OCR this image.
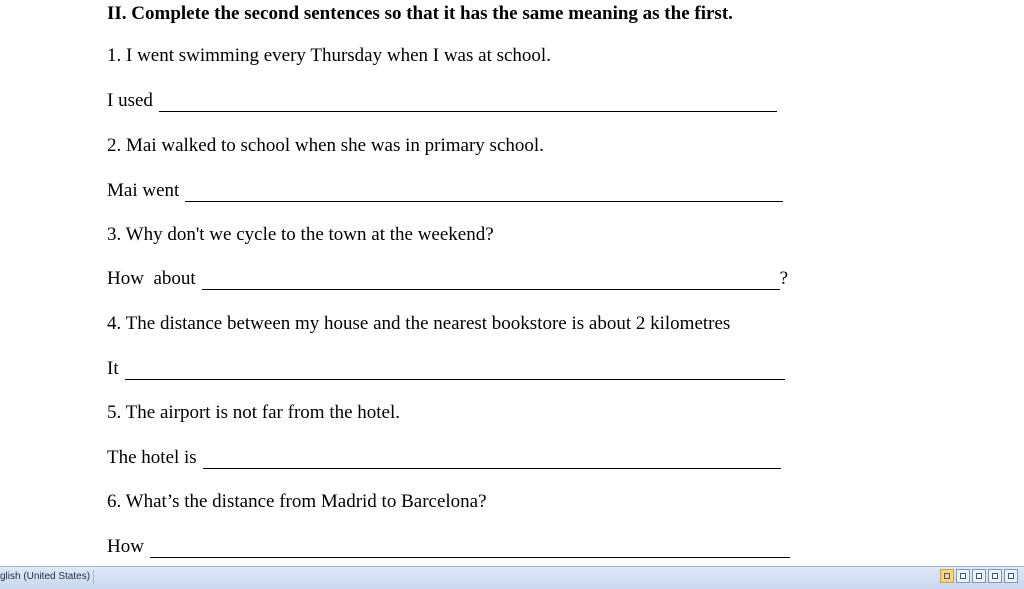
II. Complete the second sentences so that it has the same meaning as the first.
1. I went swimming every Thursday when I was at school.
I used
2. Mai walked to school when she was in primary school.
Mai went
3. Why don't we cycle to the town at the weekend?
How  about	?
4. The distance between my house and the nearest bookstore is about 2 kilometres
It
5. The airport is not far from the hotel.
The hotel is
6. What’s the distance from Madrid to Barcelona?
How
glish (United States)
